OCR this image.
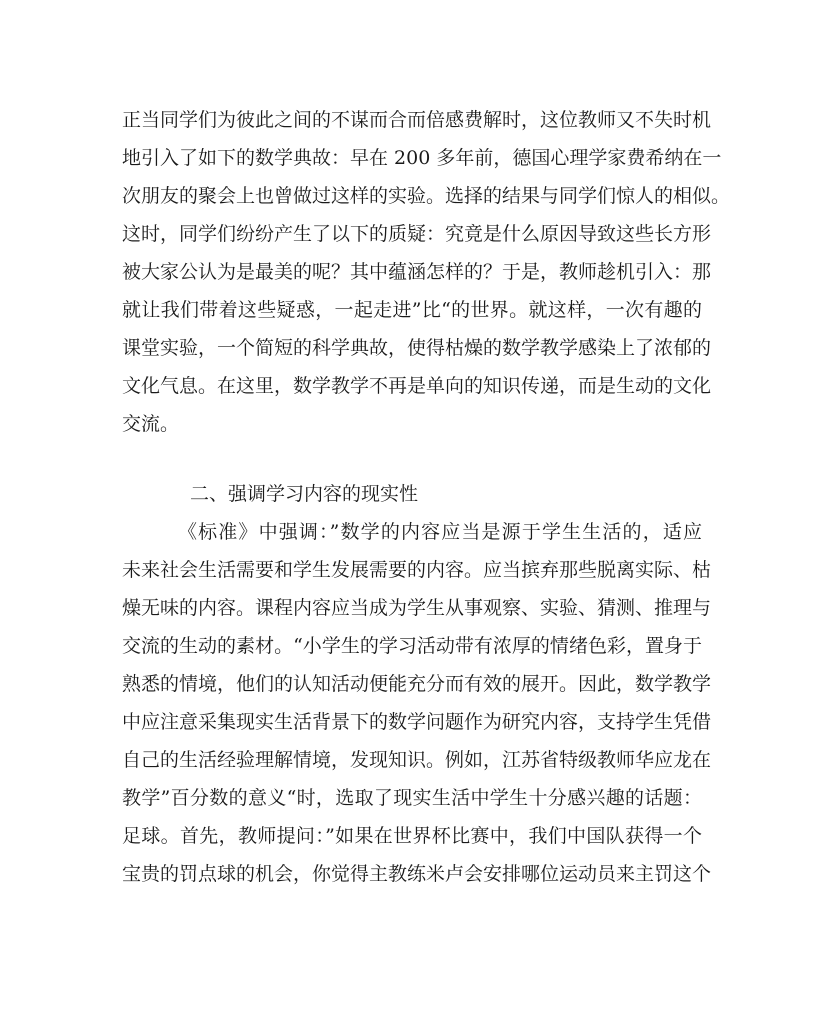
正当同学们为彼此之间的不谋而合而倍感费解时，这位教师又不失时机
地引入了如下的数学典故：早在 200 多年前，德国心理学家费希纳在一
次朋友的聚会上也曾做过这样的实验。选择的结果与同学们惊人的相似。
这时，同学们纷纷产生了以下的质疑：究竟是什么原因导致这些长方形
被大家公认为是最美的呢？其中蕴涵怎样的？于是，教师趁机引入：那
就让我们带着这些疑惑，一起走进”比“的世界。就这样，一次有趣的
课堂实验，一个简短的科学典故，使得枯燥的数学教学感染上了浓郁的
文化气息。在这里，数学教学不再是单向的知识传递，而是生动的文化
交流。
二、强调学习内容的现实性
《标准》中强调：”数学的内容应当是源于学生生活的，适应
未来社会生活需要和学生发展需要的内容。应当摈弃那些脱离实际、枯
燥无味的内容。课程内容应当成为学生从事观察、实验、猜测、推理与
交流的生动的素材。“小学生的学习活动带有浓厚的情绪色彩，置身于
熟悉的情境，他们的认知活动便能充分而有效的展开。因此，数学教学
中应注意采集现实生活背景下的数学问题作为研究内容，支持学生凭借
自己的生活经验理解情境，发现知识。例如，江苏省特级教师华应龙在
教学”百分数的意义“时，选取了现实生活中学生十分感兴趣的话题：
足球。首先，教师提问：”如果在世界杯比赛中，我们中国队获得一个
宝贵的罚点球的机会，你觉得主教练米卢会安排哪位运动员来主罚这个
